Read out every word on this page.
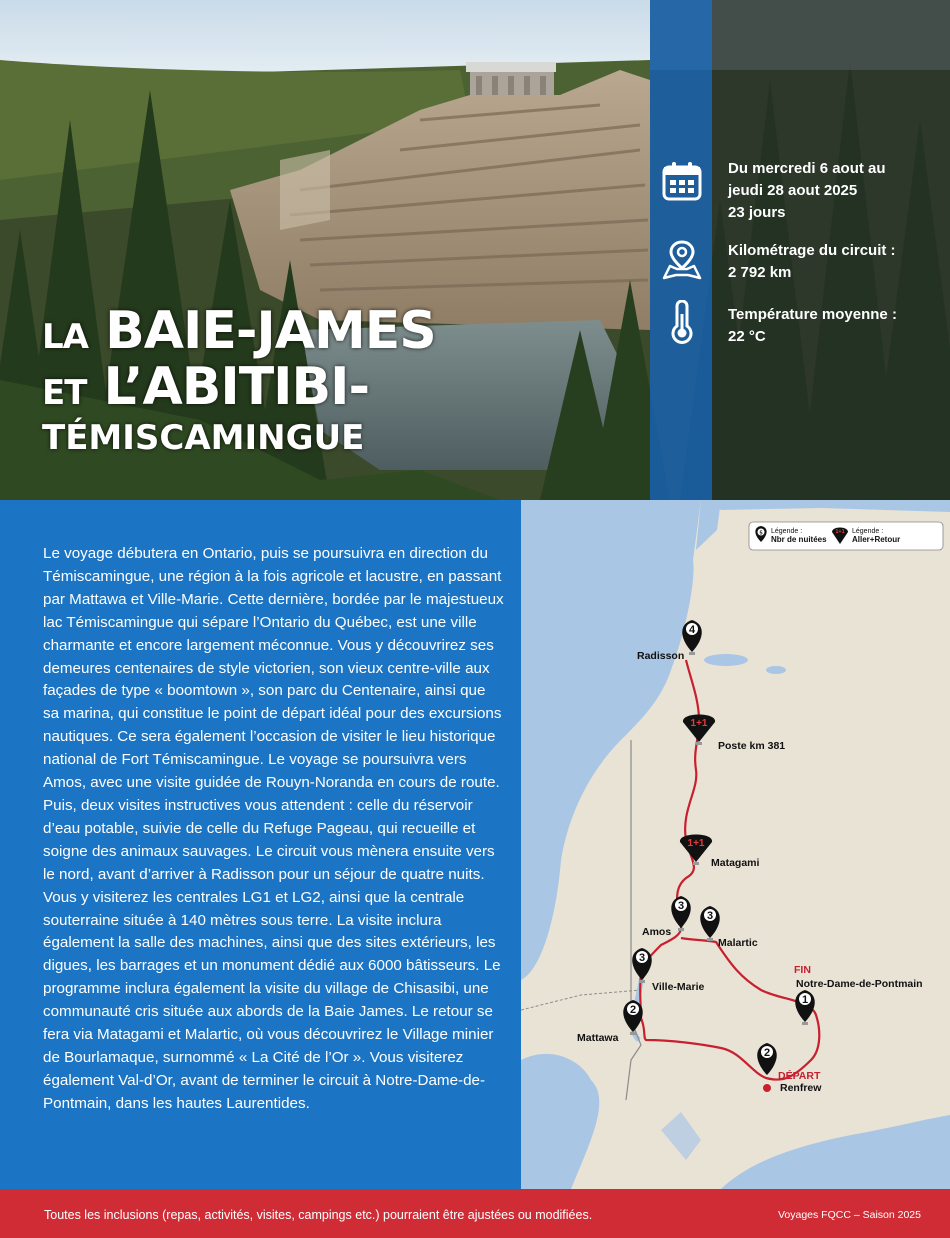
LA BAIE-JAMES
ET L’ABITIBI-
TÉMISCAMINGUE
Du mercredi 6 aout au
jeudi 28 aout 2025
23 jours
Kilométrage du circuit :
2 792 km
Température moyenne :
22 °C
Le voyage débutera en Ontario, puis se poursuivra en direction du Témiscamingue, une région à la fois agricole et lacustre, en passant par Mattawa et Ville-Marie. Cette dernière, bordée par le majestueux lac Témiscamingue qui sépare l’Ontario du Québec, est une ville charmante et encore largement méconnue. Vous y découvrirez ses demeures centenaires de style victorien, son vieux centre-ville aux façades de type « boomtown », son parc du Centenaire, ainsi que sa marina, qui constitue le point de départ idéal pour des excursions nautiques. Ce sera également l’occasion de visiter le lieu historique national de Fort Témiscamingue. Le voyage se poursuivra vers Amos, avec une visite guidée de Rouyn-Noranda en cours de route. Puis, deux visites instructives vous attendent : celle du réservoir d’eau potable, suivie de celle du Refuge Pageau, qui recueille et soigne des animaux sauvages. Le circuit vous mènera ensuite vers le nord, avant d’arriver à Radisson pour un séjour de quatre nuits. Vous y visiterez les centrales LG1 et LG2, ainsi que la centrale souterraine située à 140 mètres sous terre. La visite inclura également la salle des machines, ainsi que des sites extérieurs, les digues, les barrages et un monument dédié aux 6000 bâtisseurs. Le programme inclura également la visite du village de Chisasibi, une communauté cris située aux abords de la Baie James. Le retour se fera via Matagami et Malartic, où vous découvrirez le Village minier de Bourlamaque, surnommé « La Cité de l’Or ». Vous visiterez également Val-d’Or, avant de terminer le circuit à Notre-Dame-de-Pontmain, dans les hautes Laurentides.
5 Légende :
Nbr de nuitées
1+1 Légende :
Aller+Retour
4
Radisson
1+1
Poste km 381
1+1
Matagami
3
Amos
3
Malartic
3
Ville-Marie
2
Mattawa
2
DÉPART
Renfrew
1
FIN
Notre-Dame-de-Pontmain
Toutes les inclusions (repas, activités, visites, campings etc.) pourraient être ajustées ou modifiées.	Voyages FQCC – Saison 2025
